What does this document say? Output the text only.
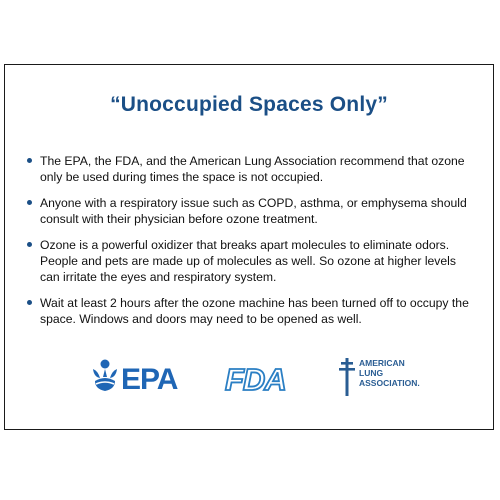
“Unoccupied Spaces Only”
The EPA, the FDA, and the American Lung Association recommend that ozone only be used during times the space is not occupied.
Anyone with a respiratory issue such as COPD, asthma, or emphysema should consult with their physician before ozone treatment.
Ozone is a powerful oxidizer that breaks apart molecules to eliminate odors. People and pets are made up of molecules as well. So ozone at higher levels can irritate the eyes and respiratory system.
Wait at least 2 hours after the ozone machine has been turned off to occupy the space. Windows and doors may need to be opened as well.
EPA FDA	AMERICAN
LUNG
ASSOCIATION.
